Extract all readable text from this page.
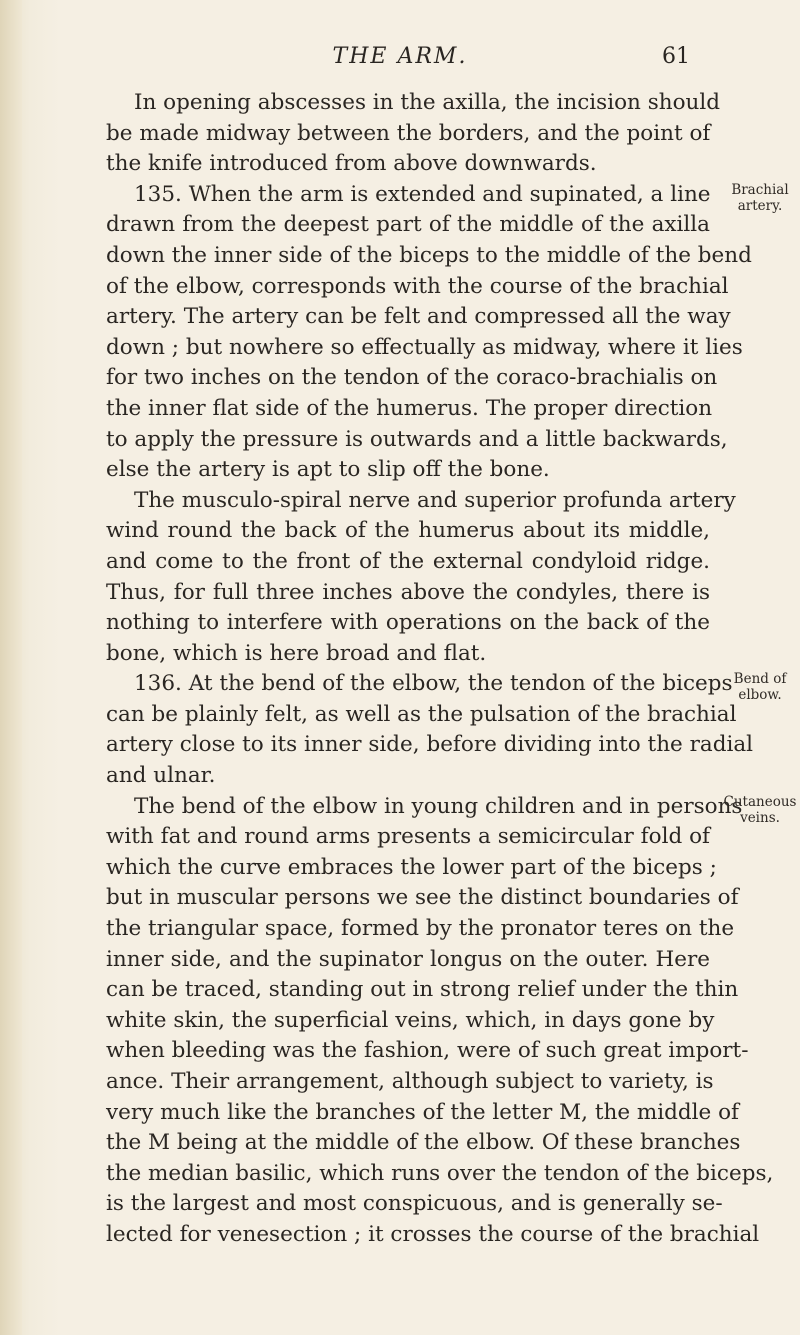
THE ARM.	61
In opening abscesses in the axilla, the incision should
be made midway between the borders, and the point of
the knife introduced from above downwards.
135. When the arm is extended and supinated, a line
drawn from the deepest part of the middle of the axilla
down the inner side of the biceps to the middle of the bend
of the elbow, corresponds with the course of the brachial
artery. The artery can be felt and compressed all the way
down ; but nowhere so effectually as midway, where it lies
for two inches on the tendon of the coraco-brachialis on
the inner flat side of the humerus. The proper direction
to apply the pressure is outwards and a little backwards,
else the artery is apt to slip off the bone.
The musculo-spiral nerve and superior profunda artery
wind round the back of the humerus about its middle,
and come to the front of the external condyloid ridge.
Thus, for full three inches above the condyles, there is
nothing to interfere with operations on the back of the
bone, which is here broad and flat.
136. At the bend of the elbow, the tendon of the biceps
can be plainly felt, as well as the pulsation of the brachial
artery close to its inner side, before dividing into the radial
and ulnar.
The bend of the elbow in young children and in persons
with fat and round arms presents a semicircular fold of
which the curve embraces the lower part of the biceps ;
but in muscular persons we see the distinct boundaries of
the triangular space, formed by the pronator teres on the
inner side, and the supinator longus on the outer. Here
can be traced, standing out in strong relief under the thin
white skin, the superficial veins, which, in days gone by
when bleeding was the fashion, were of such great import-
ance. Their arrangement, although subject to variety, is
very much like the branches of the letter M, the middle of
the M being at the middle of the elbow. Of these branches
the median basilic, which runs over the tendon of the biceps,
is the largest and most conspicuous, and is generally se-
lected for venesection ; it crosses the course of the brachial
Brachial
artery.
Bend of
elbow.
Cutaneous
veins.
